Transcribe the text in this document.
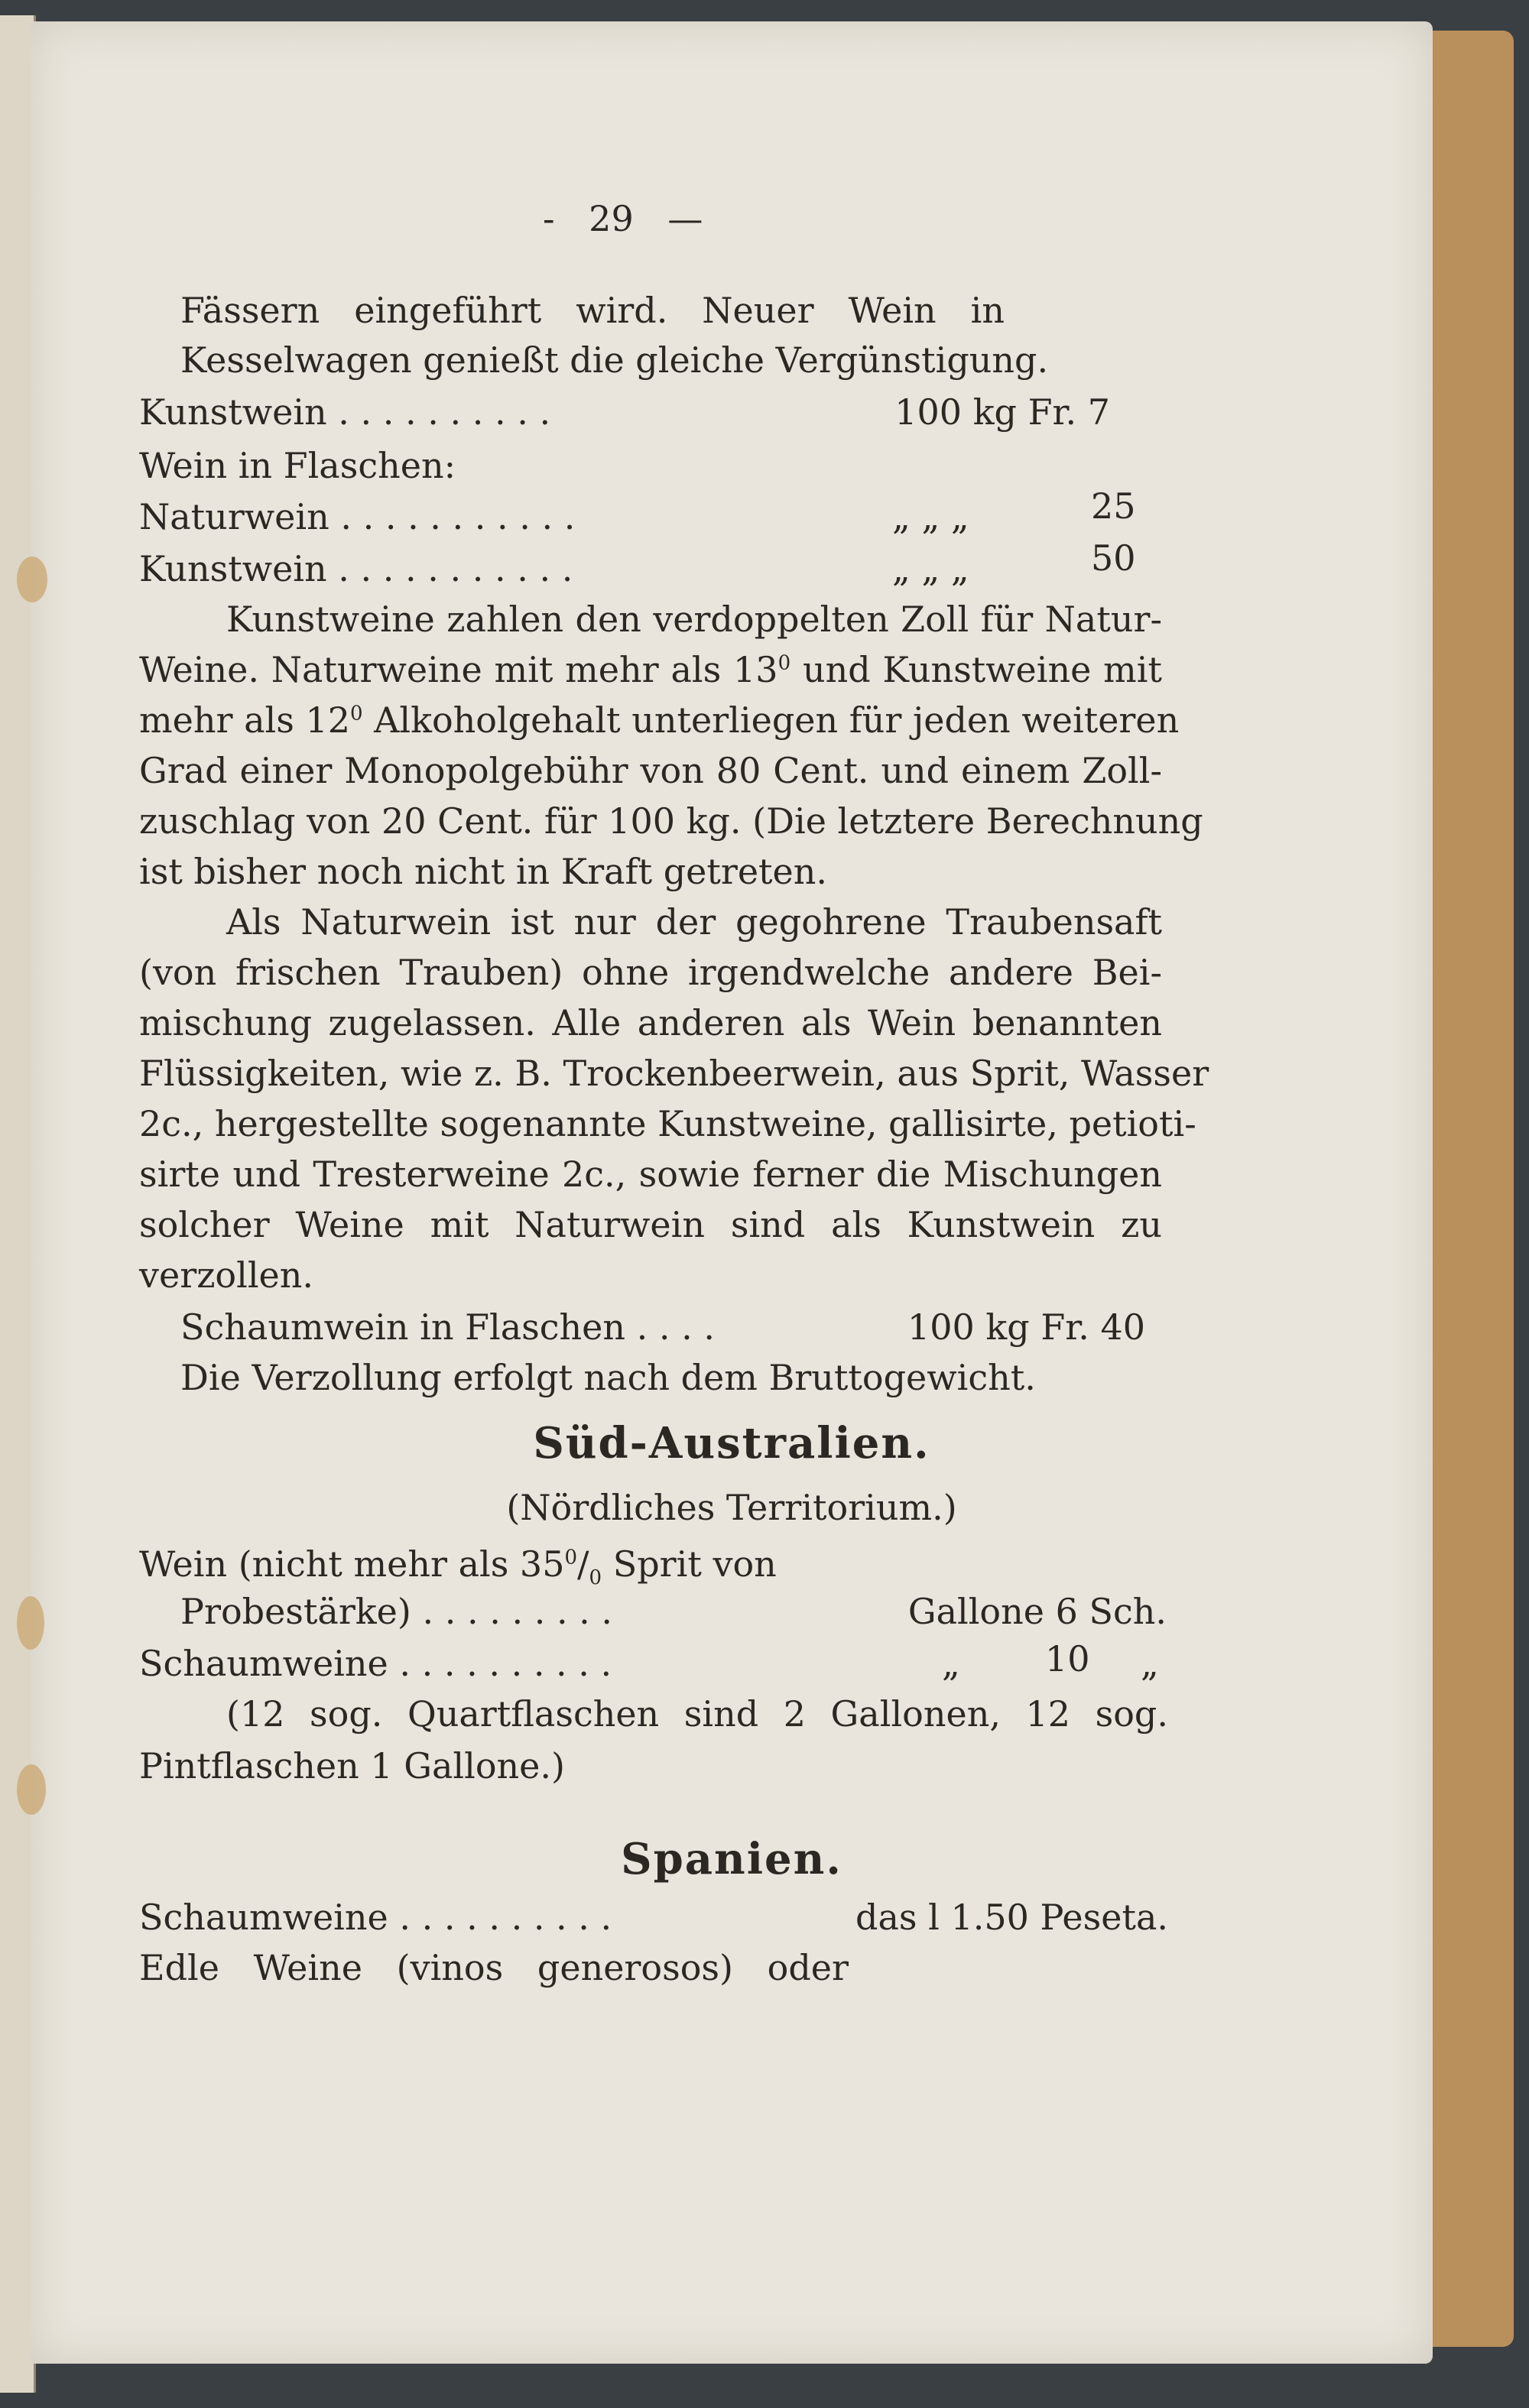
- 29 —
Fässern eingeführt wird. Neuer Wein in
Kesselwagen genießt die gleiche Vergünstigung.
Kunstwein . . . . . . . . . .	100 kg Fr. 7
Wein in Flaschen:
Naturwein . . . . . . . . . . .	„ „ „	25
Kunstwein . . . . . . . . . . .	„ „ „	50
Kunstweine zahlen den verdoppelten Zoll für Natur-
Weine. Naturweine mit mehr als $13^0$ und Kunstweine mit
mehr als $12^0$ Alkoholgehalt unterliegen für jeden weiteren
Grad einer Monopolgebühr von 80 Cent. und einem Zoll-
zuschlag von 20 Cent. für 100 kg. (Die letztere Berechnung
ist bisher noch nicht in Kraft getreten.
Als Naturwein ist nur der gegohrene Traubensaft
(von frischen Trauben) ohne irgendwelche andere Bei-
mischung zugelassen. Alle anderen als Wein benannten
Flüssigkeiten, wie z. B. Trockenbeerwein, aus Sprit, Wasser
2c., hergestellte sogenannte Kunstweine, gallisirte, petioti-
sirte und Tresterweine 2c., sowie ferner die Mischungen
solcher Weine mit Naturwein sind als Kunstwein zu
verzollen.
Schaumwein in Flaschen . . . .	100 kg Fr. 40
Die Verzollung erfolgt nach dem Bruttogewicht.
Süd-Australien.
(Nördliches Territorium.)
Wein (nicht mehr als $35^0/_0$ Sprit von
Probestärke) . . . . . . . . .	Gallone 6 Sch.
Schaumweine . . . . . . . . . .	„ 10 „
(12 sog. Quartflaschen sind 2 Gallonen, 12 sog.
Pintflaschen 1 Gallone.)
Spanien.
Schaumweine . . . . . . . . . .	das l 1.50 Peseta.
Edle Weine (vinos generosos) oder
